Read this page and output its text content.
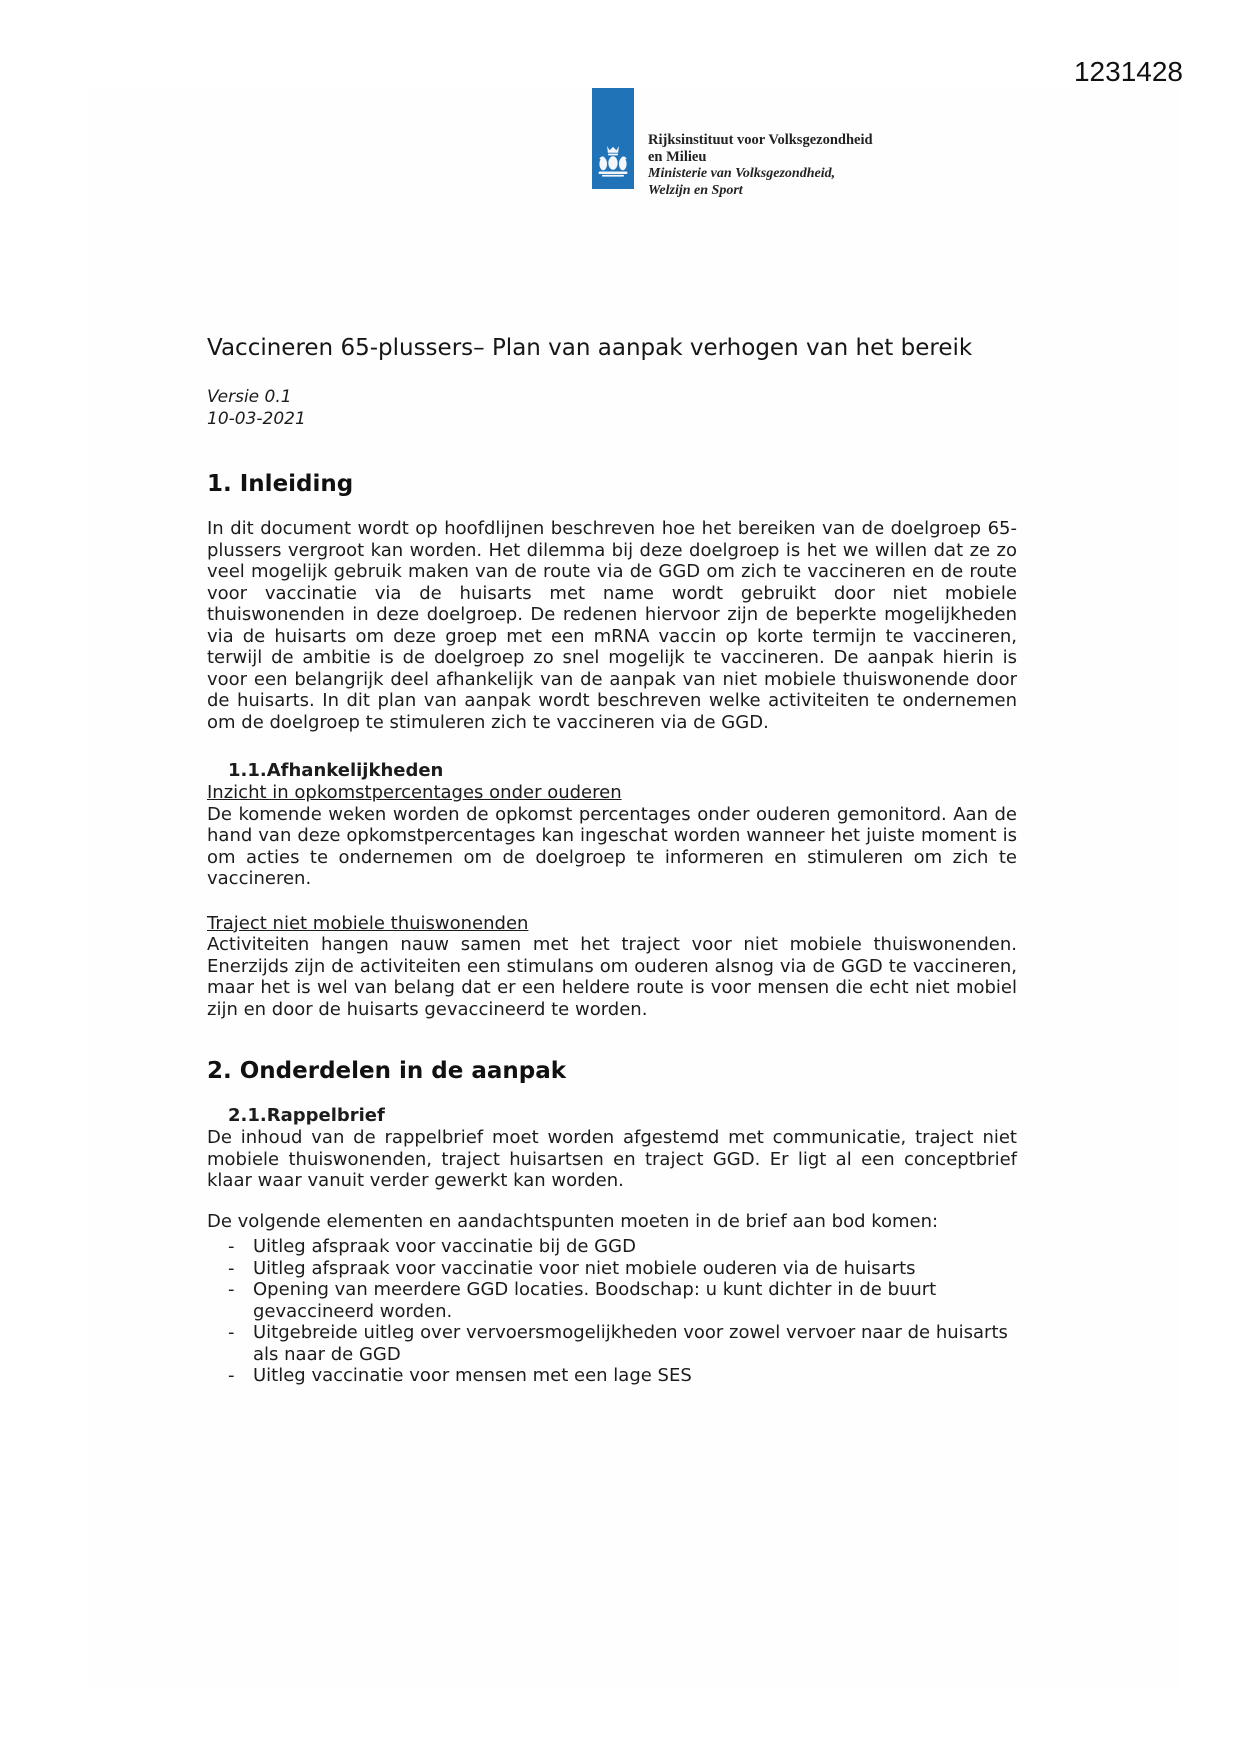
1231428
Rijksinstituut voor Volksgezondheid
en Milieu
Ministerie van Volksgezondheid,
Welzijn en Sport
Vaccineren 65-plussers– Plan van aanpak verhogen van het bereik
Versie 0.1
10-03-2021
1. Inleiding

In dit document wordt op hoofdlijnen beschreven hoe het bereiken van de doelgroep 65-plussers vergroot kan worden. Het dilemma bij deze doelgroep is het we willen dat ze zo veel mogelijk gebruik maken van de route via de GGD om zich te vaccineren en de route voor vaccinatie via de huisarts met name wordt gebruikt door niet mobiele thuiswonenden in deze doelgroep. De redenen hiervoor zijn de beperkte mogelijkheden via de huisarts om deze groep met een mRNA vaccin op korte termijn te vaccineren, terwijl de ambitie is de doelgroep zo snel mogelijk te vaccineren. De aanpak hierin is voor een belangrijk deel afhankelijk van de aanpak van niet mobiele thuiswonende door de huisarts. In dit plan van aanpak wordt beschreven welke activiteiten te ondernemen om de doelgroep te stimuleren zich te vaccineren via de GGD.

1.1.Afhankelijkheden
Inzicht in opkomstpercentages onder ouderen

De komende weken worden de opkomst percentages onder ouderen gemonitord. Aan de hand van deze opkomstpercentages kan ingeschat worden wanneer het juiste moment is om acties te ondernemen om de doelgroep te informeren en stimuleren om zich te vaccineren.

Traject niet mobiele thuiswonenden

Activiteiten hangen nauw samen met het traject voor niet mobiele thuiswonenden. Enerzijds zijn de activiteiten een stimulans om ouderen alsnog via de GGD te vaccineren, maar het is wel van belang dat er een heldere route is voor mensen die echt niet mobiel zijn en door de huisarts gevaccineerd te worden.

2. Onderdelen in de aanpak
2.1.Rappelbrief

De inhoud van de rappelbrief moet worden afgestemd met communicatie, traject niet mobiele thuiswonenden, traject huisartsen en traject GGD. Er ligt al een conceptbrief klaar waar vanuit verder gewerkt kan worden.

De volgende elementen en aandachtspunten moeten in de brief aan bod komen:

-	Uitleg afspraak voor vaccinatie bij de GGD
-	Uitleg afspraak voor vaccinatie voor niet mobiele ouderen via de huisarts
-	Opening van meerdere GGD locaties. Boodschap: u kunt dichter in de buurt gevaccineerd worden.
-	Uitgebreide uitleg over vervoersmogelijkheden voor zowel vervoer naar de huisarts als naar de GGD
-	Uitleg vaccinatie voor mensen met een lage SES
